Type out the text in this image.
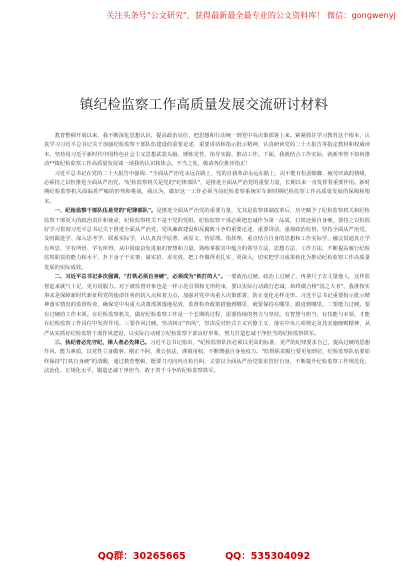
关注头条号"公文研究"，获得最新最全最专业的公文资料库！ 微信：gongwenyj
镇纪检监察工作高质量发展交流研讨材料

教育整顿开展以来，我不断深化思想认识，提高政治站位，把思想和行动统一到党中央决策部署上来。紧紧抓住学习教育这个根本，认真学习习近平总书记关于加强纪检监察干部队伍建设的重要论述、重要讲话和指示批示精神，认真研读党的二十大报告等指定教材和权威读本，坚持用习近平新时代中国特色社会主义思想武装头脑、锤炼党性、指导实践、推动工作。下面，我就结合工作实际，就新形势下如何推动**镇纪检监察工作高质量发展谈一谈我的认识和体会。不当之处，敬请各位批评指正！

习近平总书记在党的二十大报告中强调："全面从严治党永远在路上，党的自我革命永远在路上，决不能有松劲歇脚、疲劳厌战的情绪，必须持之以恒推进全面从严治党。"纪检监察机关是党的"纪律部队"，是推进全面从严治党的重要力量，长期以来一直发挥着重要作用。新时期纪检监察机关面临着严峻的形势和挑战，我认为，做好这一工作必须当前纪检监察系统军车新时期纪检监察工作高质量发展的保障和根本。

一、纪检监察干部队伍是党的"纪律部队"。是推进全面从严治党的重要力量，尤其是监察体制改革后，历史赋予了纪检监察机关和纪检监察干部更大的政治责任和使命，纪检监察机关不是不党的党组，纪检监察干部必须把忠诚作为第一品质，打铁还须自身硬，要持之以恒抓好学习贯彻习近平总书记关于推进全面从严治党、党风廉政建设和反腐败斗争的重要论述、重要讲话，重视政治监督，坚持全面从严治党，及时跟进学、深入思考学、联系实际学，认认真真学原著、读原文、悟原理。指挥理，重点结合自身的思想和工作实际学，融会贯通真正学有所思、学有所悟、学有所得，从中汲取奋发进取的智慧和力量，熟练掌握其中蕴含的领导方法、思想方法、工作方法，不断提高履行纪检监察职责的能力和水平，扑下身子干实事、谋实招、求实效，把工作做得更扎实、更深入，切实把学习成果转化为推动纪检监察工作高质量发展的实际成效。

二、习近平总书记多次强调，"打铁必须自身硬"，必须成为"铁打的人"。一要政治过硬。政治上过硬了，再拿尺子去丈量他人，这样监督起来就气十足，更有说服力。对于被监督对象也是一样示范引领和无形约束，要以实际行动践行忠诚，始终做合格"国之大者"，我准按实事求是保障新时代新征程党的使命任务的切入点和着力点，加强对党中央重大决策部署，防止变化走样走形。习近平总书记重要指示批示精神落实情况的监督检查，确保党中央重大决策部署落地见效，监督检查政策措施到哪里，就要保持在哪里、跟进到哪里。二要能力过硬。要有过硬的工作本领。在纪检监察机关，做好纪检监察工作是一个长期的过程，需要持续的努力与坚持。有智慧与担当，有技能与本领，才能在纪检监察工作岗位中发挥作用。三要作风过硬。坚决纠正"四风"，坚决反对形式主义官僚主义，落实中央八项规定及其实施细则精神，从严从实抓好纪检监察干部作风建设，以实际行动树立纪检监察干部良好形象，努力打造忠诚干净担当的纪检监察铁军。

三、执纪者必先守纪，律人者必先律己。习近平总书记指出，"纪检监察队伍必须以更高的标准、更严的纪律要求自己，提高过硬的思想作风、能力素质，以党性立身做事、刚正不阿、秉公执法，谨慎用权，不断增强自身免疫力。"监督职责履行要更加到位，纪检监察队伍要始终保持"打铁自身硬"的清醒，通过教育整顿，既要刀刃向内自检自纠，又要以全面从严治党要求管好自身，不断提升纪检监察工作规范化、法治化、正规化水平，锻造忠诚干净担当、敢于善于斗争的纪检监察铁军。

QQ群：30265665	QQ：535304092
